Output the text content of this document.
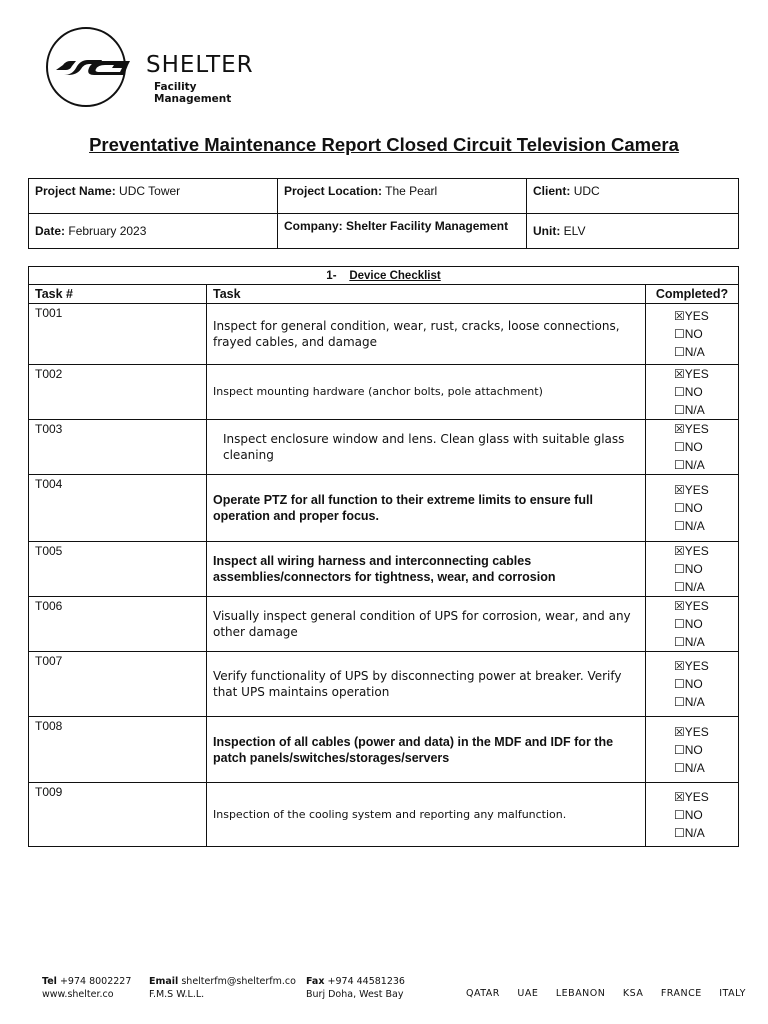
SHELTER
Facility Management
Preventative Maintenance Report Closed Circuit Television Camera
Project Name: UDC Tower	Project Location: The Pearl	Client: UDC
Date: February 2023	Company: Shelter Facility Management	Unit: ELV
1- Device Checklist		
Task #	Task	Completed?
T001	Inspect for general condition, wear, rust, cracks, loose connections, frayed cables, and damage	☒YES
☐NO
☐N/A

T002	Inspect mounting hardware (anchor bolts, pole attachment)	☒YES
☐NO
☐N/A

T003	Inspect enclosure window and lens. Clean glass with suitable glass cleaning	☒YES
☐NO
☐N/A

T004	Operate PTZ for all function to their extreme limits to ensure full operation and proper focus.	☒YES
☐NO
☐N/A

T005	Inspect all wiring harness and interconnecting cables assemblies/connectors for tightness, wear, and corrosion	☒YES
☐NO
☐N/A

T006	Visually inspect general condition of UPS for corrosion, wear, and any other damage	☒YES
☐NO
☐N/A

T007	Verify functionality of UPS by disconnecting power at breaker. Verify that UPS maintains operation	☒YES
☐NO
☐N/A

T008	Inspection of all cables (power and data) in the MDF and IDF for the patch panels/switches/storages/servers	☒YES
☐NO
☐N/A

T009	Inspection of the cooling system and reporting any malfunction.	☒YES
☐NO
☐N/A
Tel +974 8002227
www.shelter.co
Email shelterfm@shelterfm.co
F.M.S W.L.L.
Fax +974 44581236
Burj Doha, West Bay	QATAR UAE LEBANON KSA FRANCE ITALY
